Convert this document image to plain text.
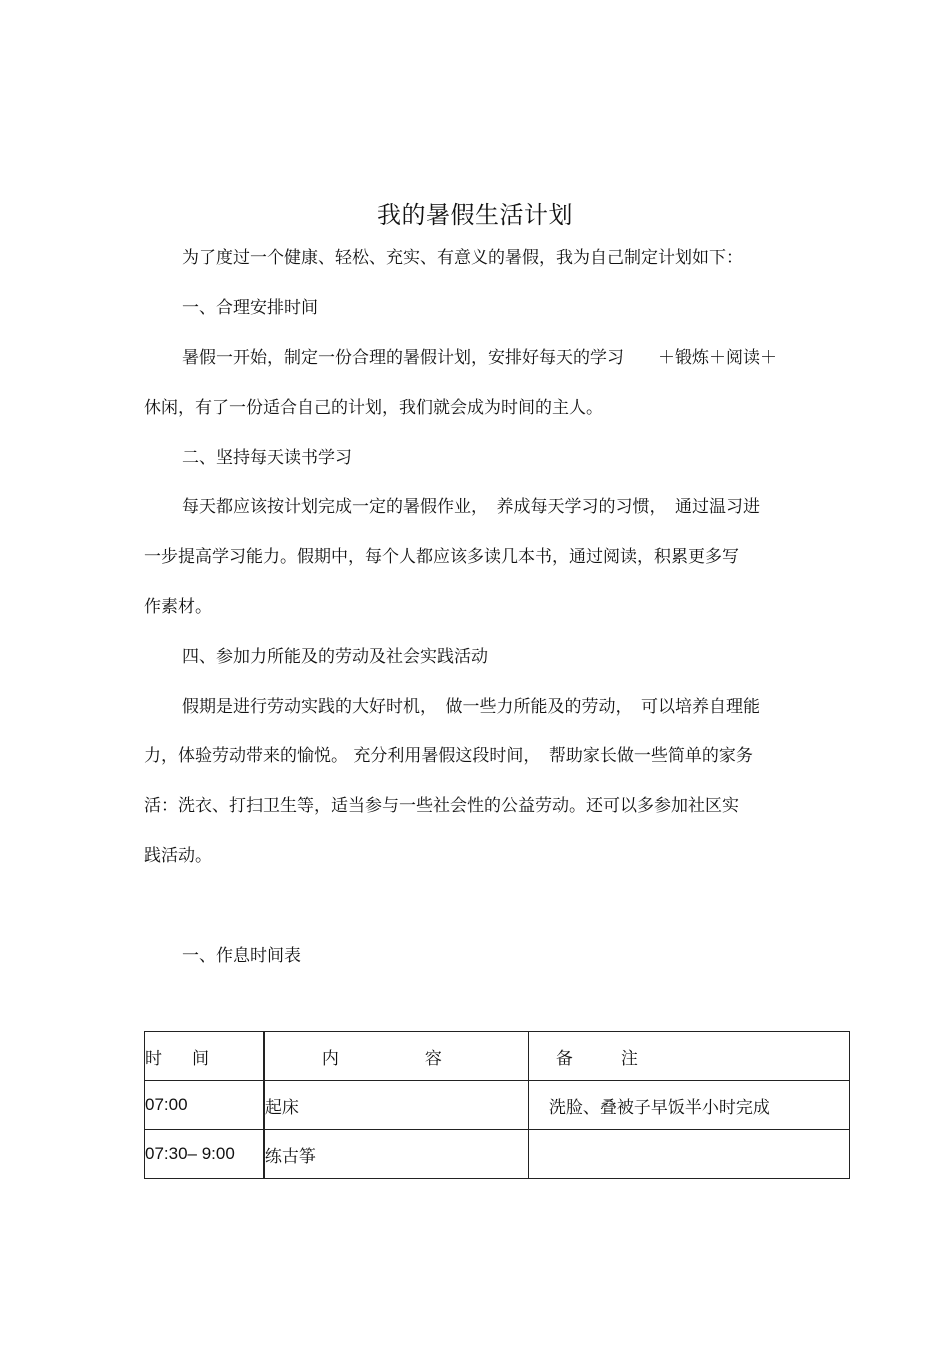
我的暑假生活计划
为了度过一个健康、轻松、充实、有意义的暑假，我为自己制定计划如下：
一、合理安排时间
暑假一开始，制定一份合理的暑假计划，安排好每天的学习　　＋锻炼＋阅读＋
休闲，有了一份适合自己的计划，我们就会成为时间的主人。
二、坚持每天读书学习
每天都应该按计划完成一定的暑假作业，　养成每天学习的习惯，　通过温习进
一步提高学习能力。假期中，每个人都应该多读几本书，通过阅读，积累更多写
作素材。
四、参加力所能及的劳动及社会实践活动
假期是进行劳动实践的大好时机，　做一些力所能及的劳动，　可以培养自理能
力，体验劳动带来的愉悦。 充分利用暑假这段时间，　帮助家长做一些简单的家务
活：洗衣、打扫卫生等，适当参与一些社会性的公益劳动。还可以多参加社区实
践活动。
一、作息时间表
时间	内容	备注
07:00	起床	洗脸、叠被子早饭半小时完成
07:30– 9:00	练古筝	
